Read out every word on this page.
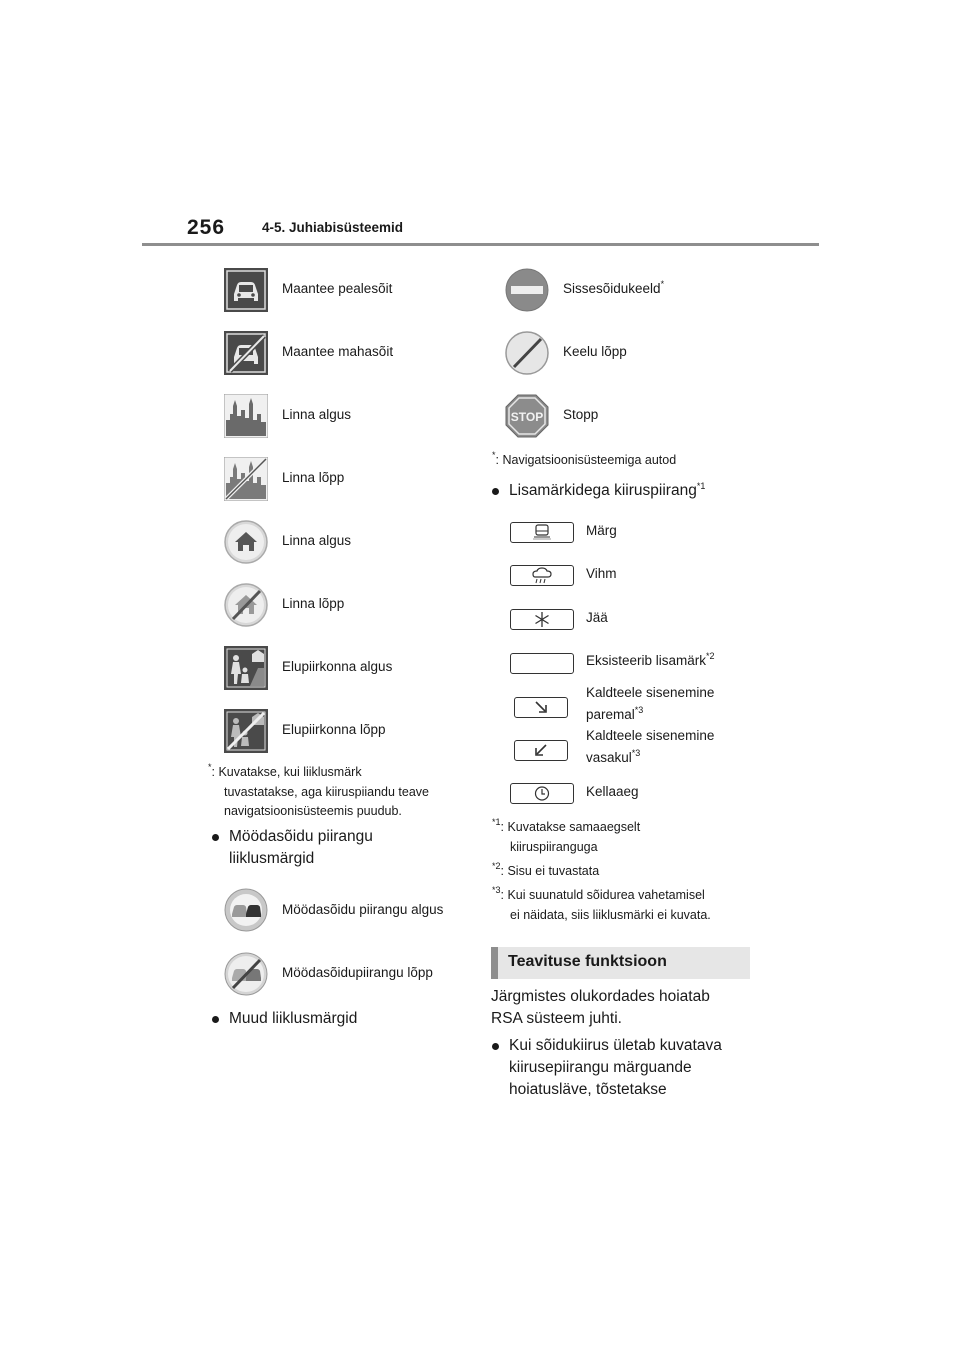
256	4-5. Juhiabisüsteemid
Maantee pealesõit
Maantee mahasõit
Linna algus
Linna lõpp
Linna algus
Linna lõpp
Elupiirkonna algus
Elupiirkonna lõpp
*: Kuvatakse, kui liiklusmärk
tuvastatakse, aga kiiruspiiandu teave
navigatsioonisüsteemis puudub.
Möödasõidu piirangu
liiklusmärgid
Möödasõidu piirangu algus
Möödasõidupiirangu lõpp
Muud liiklusmärgid
Sissesõidukeeld*
Keelu lõpp
STOP Stopp
*: Navigatsioonisüsteemiga autod
Lisamärkidega kiiruspiirang$^{*1}$
Märg
Vihm
Jää
Eksisteerib lisamärk$^{*2}$
Kaldteele sisenemine
paremal$^{*3}$
Kaldteele sisenemine
vasakul$^{*3}$
Kellaaeg
$^{*1}$: Kuvatakse samaaegselt
kiiruspiiranguga
$^{*2}$: Sisu ei tuvastata
$^{*3}$: Kui suunatuld sõidurea vahetamisel
ei näidata, siis liiklusmärki ei kuvata.
Teavituse funktsioon
Järgmistes olukordades hoiatab
RSA süsteem juhti.
Kui sõidukiirus ületab kuvatava
kiirusepiirangu märguande
hoiatusläve, tõstetakse
